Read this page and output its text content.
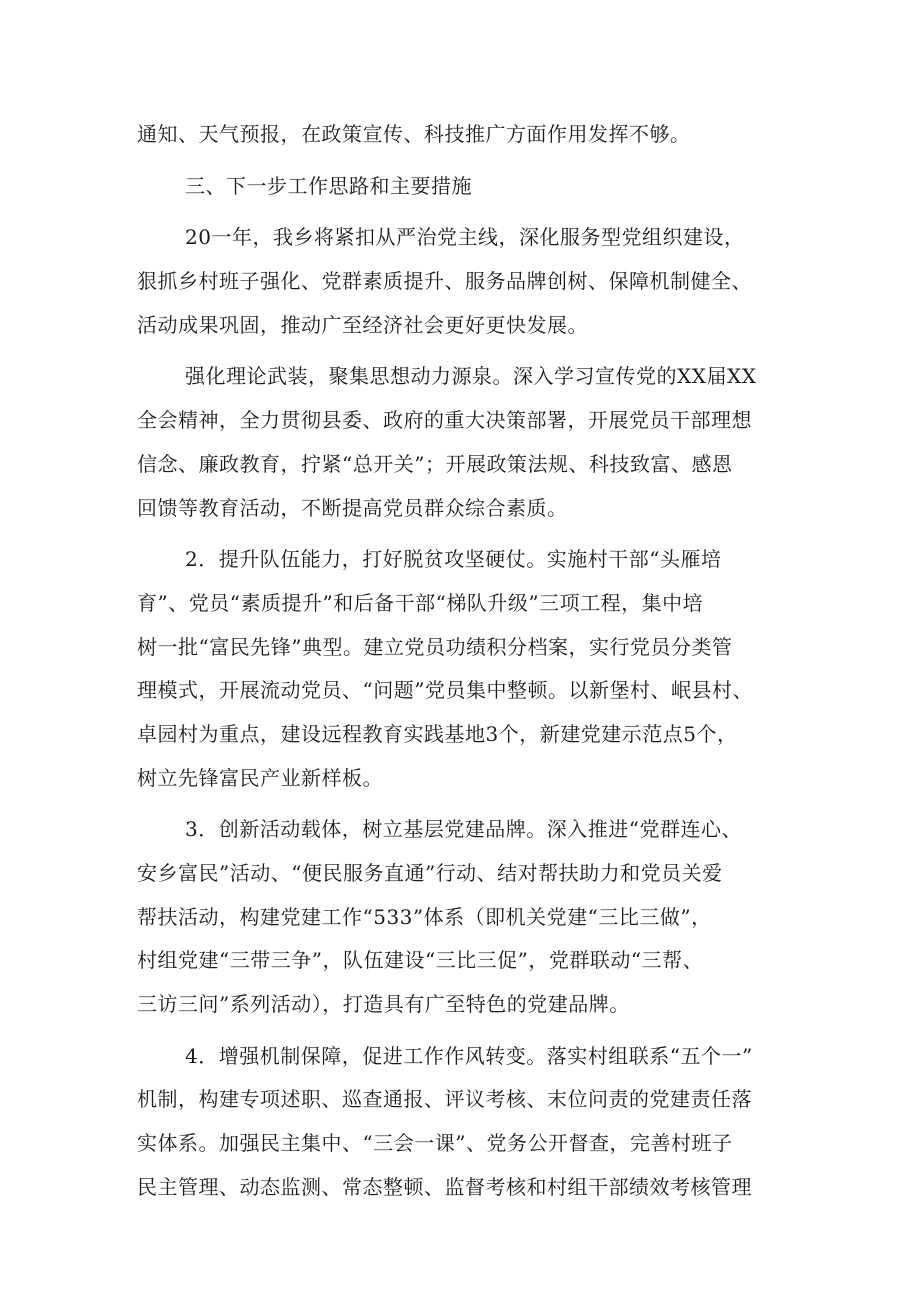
通知、天气预报，在政策宣传、科技推广方面作用发挥不够。
三、下一步工作思路和主要措施
20一年，我乡将紧扣从严治党主线，深化服务型党组织建设，
狠抓乡村班子强化、党群素质提升、服务品牌创树、保障机制健全、
活动成果巩固，推动广至经济社会更好更快发展。
强化理论武装，聚集思想动力源泉。深入学习宣传党的XX届XX
全会精神，全力贯彻县委、政府的重大决策部署，开展党员干部理想
信念、廉政教育，拧紧“总开关”；开展政策法规、科技致富、感恩
回馈等教育活动，不断提高党员群众综合素质。
2．提升队伍能力，打好脱贫攻坚硬仗。实施村干部“头雁培
育”、党员“素质提升”和后备干部“梯队升级”三项工程，集中培
树一批“富民先锋”典型。建立党员功绩积分档案，实行党员分类管
理模式，开展流动党员、“问题”党员集中整顿。以新堡村、岷县村、
卓园村为重点，建设远程教育实践基地3个，新建党建示范点5个，
树立先锋富民产业新样板。
3．创新活动载体，树立基层党建品牌。深入推进“党群连心、
安乡富民”活动、“便民服务直通”行动、结对帮扶助力和党员关爱
帮扶活动，构建党建工作“533”体系（即机关党建“三比三做”，
村组党建“三带三争”，队伍建设“三比三促”，党群联动“三帮、
三访三问”系列活动），打造具有广至特色的党建品牌。
4．增强机制保障，促进工作作风转变。落实村组联系“五个一”
机制，构建专项述职、巡查通报、评议考核、末位问责的党建责任落
实体系。加强民主集中、“三会一课”、党务公开督查，完善村班子
民主管理、动态监测、常态整顿、监督考核和村组干部绩效考核管理
